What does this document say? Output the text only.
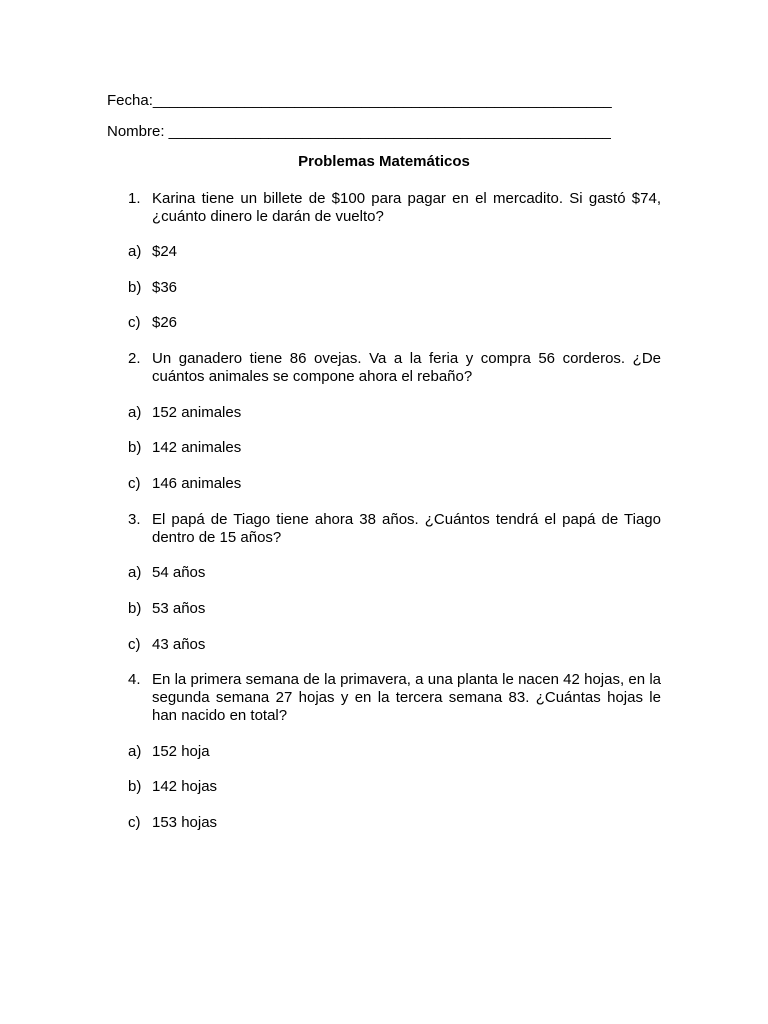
Fecha:_______________________________________________________
Nombre: _____________________________________________________
Problemas Matemáticos
1. Karina tiene un billete de $100 para pagar en el mercadito. Si gastó $74, ¿cuánto dinero le darán de vuelto?
a) $24
b) $36
c) $26
2. Un ganadero tiene 86 ovejas. Va a la feria y compra 56 corderos. ¿De cuántos animales se compone ahora el rebaño?
a) 152 animales
b) 142 animales
c) 146 animales
3. El papá de Tiago tiene ahora 38 años. ¿Cuántos tendrá el papá de Tiago dentro de 15 años?
a) 54 años
b) 53 años
c) 43 años
4. En la primera semana de la primavera, a una planta le nacen 42 hojas, en la segunda semana 27 hojas y en la tercera semana 83. ¿Cuántas hojas le han nacido en total?
a) 152 hoja
b) 142 hojas
c) 153 hojas
